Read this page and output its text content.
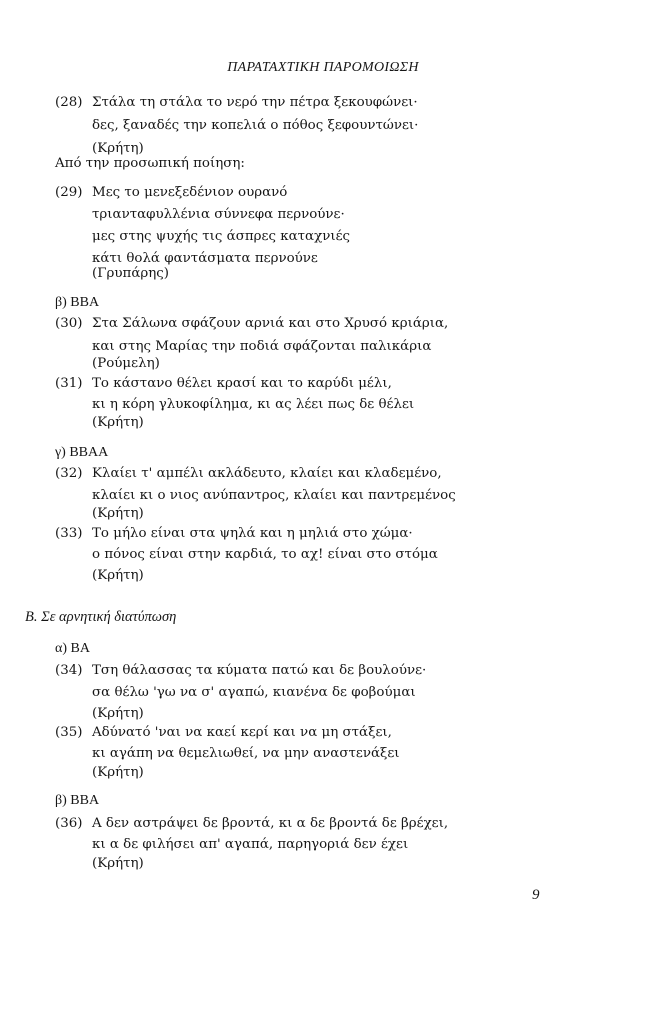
ΠΑΡΑΤΑΧΤΙΚΗ ΠΑΡΟΜΟΙΩΣΗ
(28) Στάλα τη στάλα το νερό την πέτρα ξεκουφώνει·
δες, ξαναδές την κοπελιά ο πόθος ξεφουντώνει·
(Κρήτη)
Από την προσωπική ποίηση:
(29) Μες το μενεξεδένιον ουρανό
τριανταφυλλένια σύννεφα περνούνε·
μες στης ψυχής τις άσπρες καταχνιές
κάτι θολά φαντάσματα περνούνε
(Γρυπάρης)
β) ΒΒΑ
(30) Στα Σάλωνα σφάζουν αρνιά και στο Χρυσό κριάρια,
και στης Μαρίας την ποδιά σφάζονται παλικάρια
(Ρούμελη)
(31) Το κάστανο θέλει κρασί και το καρύδι μέλι,
κι η κόρη γλυκοφίλημα, κι ας λέει πως δε θέλει
(Κρήτη)
γ) ΒΒΑΑ
(32) Κλαίει τ' αμπέλι ακλάδευτο, κλαίει και κλαδεμένο,
κλαίει κι ο νιος ανύπαντρος, κλαίει και παντρεμένος
(Κρήτη)
(33) Το μήλο είναι στα ψηλά και η μηλιά στο χώμα·
ο πόνος είναι στην καρδιά, το αχ! είναι στο στόμα
(Κρήτη)
Β. Σε αρνητική διατύπωση
α) ΒΑ
(34) Τση θάλασσας τα κύματα πατώ και δε βουλούνε·
σα θέλω 'γω να σ' αγαπώ, κιανένα δε φοβούμαι
(Κρήτη)
(35) Αδύνατό 'ναι να καεί κερί και να μη στάξει,
κι αγάπη να θεμελιωθεί, να μην αναστενάξει
(Κρήτη)
β) ΒΒΑ
(36) Α δεν αστράψει δε βροντά, κι α δε βροντά δε βρέχει,
κι α δε φιλήσει απ' αγαπά, παρηγοριά δεν έχει
(Κρήτη)
9
